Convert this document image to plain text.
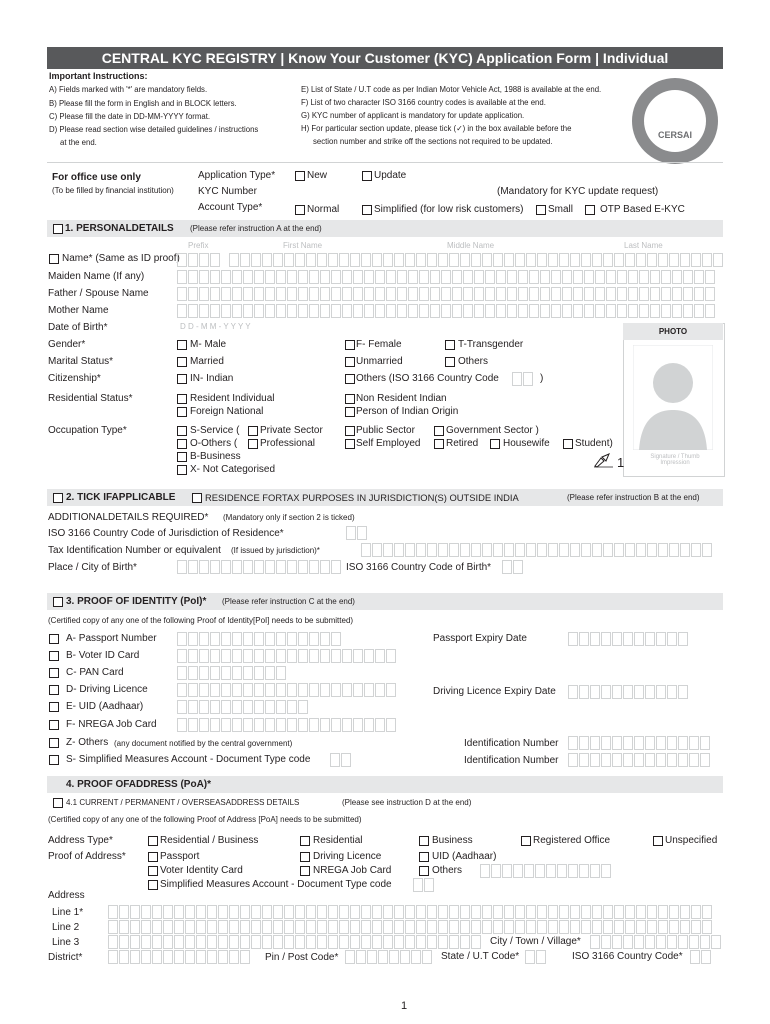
CENTRAL KYC REGISTRY | Know Your Customer (KYC) Application Form | Individual
Important Instructions:
A) Fields marked with '*' are mandatory fields.
B) Please fill the form in English and in BLOCK letters.
C) Please fill the date in DD-MM-YYYY format.
D) Please read section wise detailed guidelines / instructions
at the end.
E) List of State / U.T code as per Indian Motor Vehicle Act, 1988 is available at the end.
F) List of two character ISO 3166 country codes is available at the end.
G) KYC number of applicant is mandatory for update application.
H) For particular section update, please tick (✓) in the box available before the
section number and strike off the sections not required to be updated.
CERSAI
For office use only
(To be filled by financial institution)
Application Type*	New	Update
KYC Number	(Mandatory for KYC update request)
Account Type*	Normal	Simplified (for low risk customers) Small	OTP Based E-KYC
1. PERSONALDETAILS (Please refer instruction A at the end)
Prefix	First Name	Middle Name	Last Name
Name* (Same as ID proof)
Maiden Name (If any)
Father / Spouse Name
Mother Name
Date of Birth*	D D - M M - Y Y Y Y
PHOTO
Signature / Thumb Impression
Gender*	M- Male	F- Female	T-Transgender
Marital Status*	Married	Unmarried	Others
Citizenship*	IN- Indian	Others (ISO 3166 Country Code	)
Residential Status*	Resident Individual	Non Resident Indian
Foreign National	Person of Indian Origin
Occupation Type*	S-Service ( Private Sector	Public Sector	Government Sector )
O-Others ( Professional	Self Employed	Retired Housewife	Student)
B-Business
X- Not Categorised	1
2. TICK IFAPPLICABLE	RESIDENCE FORTAX PURPOSES IN JURISDICTION(S) OUTSIDE INDIA	(Please refer instruction B at the end)
ADDITIONALDETAILS REQUIRED* (Mandatory only if section 2 is ticked)
ISO 3166 Country Code of Jurisdiction of Residence*
Tax Identification Number or equivalent (If issued by jurisdiction)*
Place / City of Birth*	ISO 3166 Country Code of Birth*
3. PROOF OF IDENTITY (PoI)* (Please refer instruction C at the end)
(Certified copy of any one of the following Proof of Identity[PoI] needs to be submitted)
A- Passport Number	Passport Expiry Date
B- Voter ID Card
C- PAN Card
D- Driving Licence	Driving Licence Expiry Date
E- UID (Aadhaar)
F- NREGA Job Card
Z- Others (any document notified by the central government)	Identification Number
S- Simplified Measures Account - Document Type code	Identification Number
4. PROOF OFADDRESS (PoA)*
4.1 CURRENT / PERMANENT / OVERSEASADDRESS DETAILS	(Please see instruction D at the end)
(Certified copy of any one of the following Proof of Address [PoA] needs to be submitted)
Address Type*	Residential / Business	Residential	Business	Registered Office	Unspecified
Proof of Address*	Passport	Driving Licence	UID (Aadhaar)
Voter Identity Card	NREGA Job Card	Others
Simplified Measures Account - Document Type code
Address
Line 1*
Line 2
Line 3	City / Town / Village*
District*	Pin / Post Code*	State / U.T Code*	ISO 3166 Country Code*
1
